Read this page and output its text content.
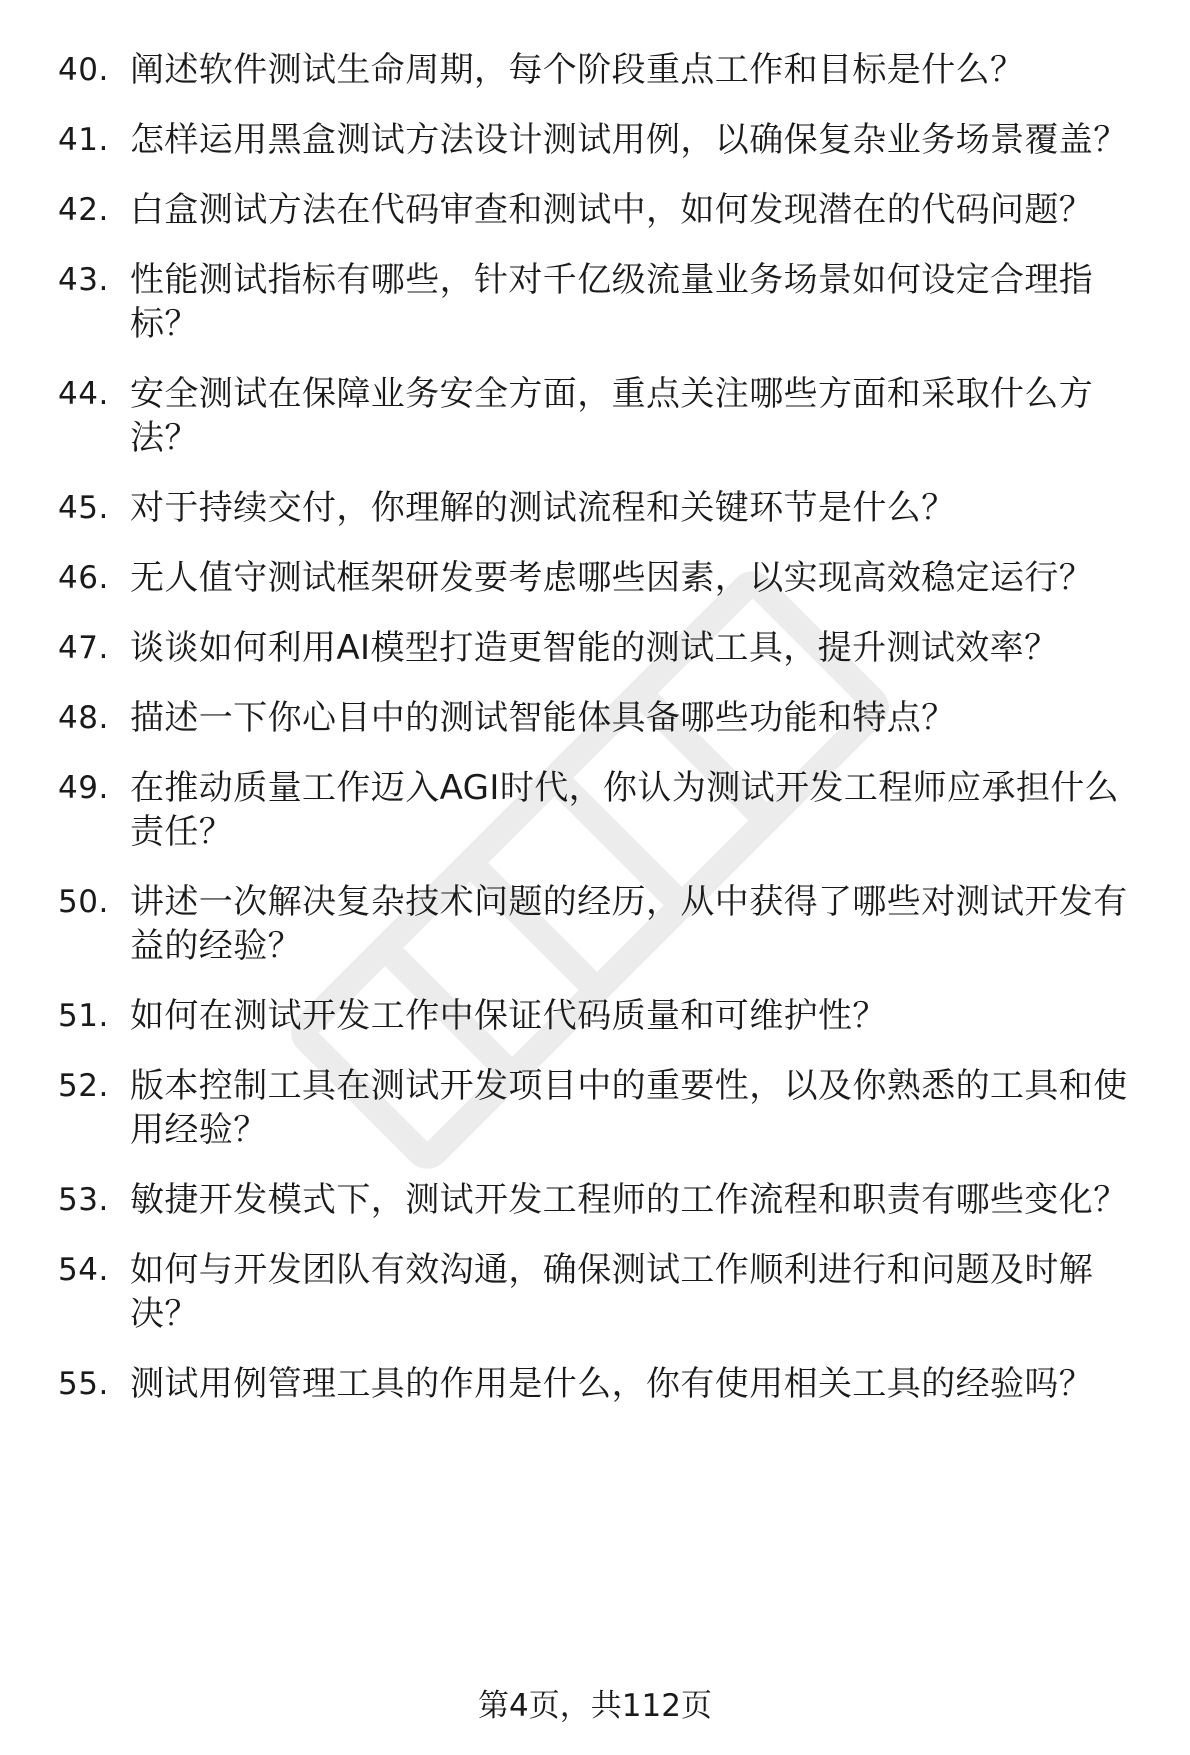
40. 阐述软件测试生命周期，每个阶段重点工作和目标是什么？
41. 怎样运用黑盒测试方法设计测试用例，以确保复杂业务场景覆盖？
42. 白盒测试方法在代码审查和测试中，如何发现潜在的代码问题？
43. 性能测试指标有哪些，针对千亿级流量业务场景如何设定合理指标？
44. 安全测试在保障业务安全方面，重点关注哪些方面和采取什么方法？
45. 对于持续交付，你理解的测试流程和关键环节是什么？
46. 无人值守测试框架研发要考虑哪些因素，以实现高效稳定运行？
47. 谈谈如何利用AI模型打造更智能的测试工具，提升测试效率？
48. 描述一下你心目中的测试智能体具备哪些功能和特点？
49. 在推动质量工作迈入AGI时代，你认为测试开发工程师应承担什么责任？
50. 讲述一次解决复杂技术问题的经历，从中获得了哪些对测试开发有益的经验？
51. 如何在测试开发工作中保证代码质量和可维护性？
52. 版本控制工具在测试开发项目中的重要性，以及你熟悉的工具和使用经验？
53. 敏捷开发模式下，测试开发工程师的工作流程和职责有哪些变化？
54. 如何与开发团队有效沟通，确保测试工作顺利进行和问题及时解决？
55. 测试用例管理工具的作用是什么，你有使用相关工具的经验吗？
第4页，共112页
